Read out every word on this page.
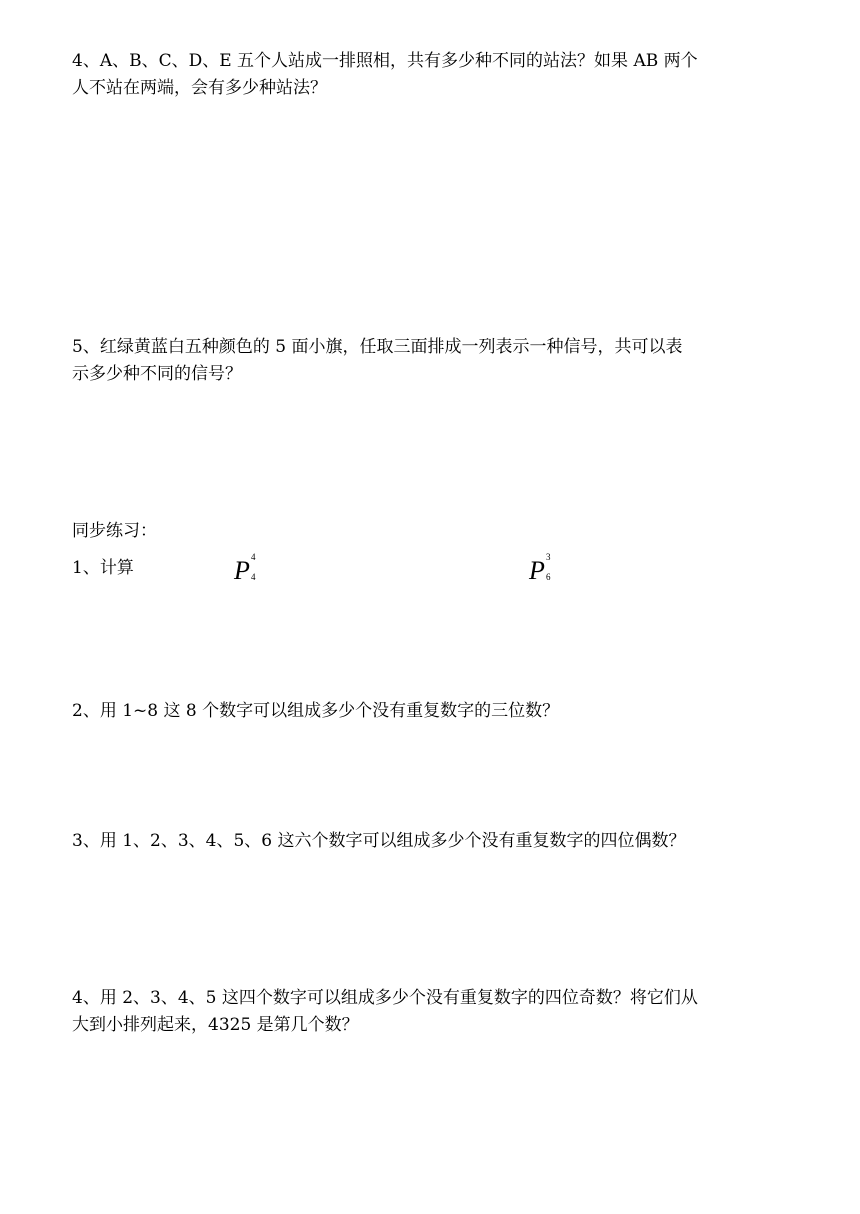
4、A、B、C、D、E 五个人站成一排照相，共有多少种不同的站法？如果 AB 两个
人不站在两端，会有多少种站法？
5、红绿黄蓝白五种颜色的 5 面小旗，任取三面排成一列表示一种信号，共可以表
示多少种不同的信号？
同步练习：
1、计算	P 4
4	P 3
6
2、用 1~8 这 8 个数字可以组成多少个没有重复数字的三位数？
3、用 1、2、3、4、5、6 这六个数字可以组成多少个没有重复数字的四位偶数？
4、用 2、3、4、5 这四个数字可以组成多少个没有重复数字的四位奇数？将它们从
大到小排列起来，4325 是第几个数？
